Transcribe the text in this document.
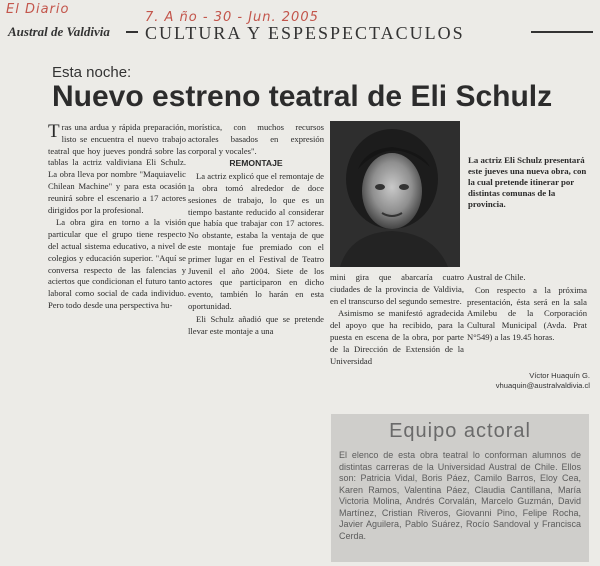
El Diario
7. A ño - 30 - Jun. 2005
Austral de Valdivia CULTURA Y ESPESPECTACULOS
Esta noche:
Nuevo estreno teatral de Eli Schulz

Tras una ardua y rápida preparación, listo se encuentra el nuevo trabajo teatral que hoy jueves pondrá sobre las tablas la actriz valdiviana Eli Schulz. La obra lleva por nombre "Maquiavelic Chilean Machine" y para esta ocasión reunirá sobre el escenario a 17 actores dirigidos por la profesional.

La obra gira en torno a la visión particular que el grupo tiene respecto del actual sistema educativo, a nivel de colegios y educación superior. "Aquí se conversa respecto de las falencias y aciertos que condicionan el futuro tanto laboral como social de cada individuo. Pero todo desde una perspectiva hu-

morística, con muchos recursos actorales basados en expresión corporal y vocales".

REMONTAJE

La actriz explicó que el remontaje de la obra tomó alrededor de doce sesiones de trabajo, lo que es un tiempo bastante reducido al considerar que había que trabajar con 17 actores. No obstante, estaba la ventaja de que este montaje fue premiado con el primer lugar en el Festival de Teatro Juvenil el año 2004. Siete de los actores que participaron en dicho evento, también lo harán en esta oportunidad.

Eli Schulz añadió que se pretende llevar este montaje a una

La actriz Eli Schulz presentará este jueves una nueva obra, con la cual pretende itinerar por distintas comunas de la provincia.

mini gira que abarcaría cuatro ciudades de la provincia de Valdivia, en el transcurso del segundo semestre.

Asimismo se manifestó agradecida del apoyo que ha recibido, para la puesta en escena de la obra, por parte de la Dirección de Extensión de la Universidad

Austral de Chile.

Con respecto a la próxima presentación, ésta será en la sala Amilebu de la Corporación Cultural Municipal (Avda. Prat N°549) a las 19.45 horas.

Víctor Huaquín G.
vhuaquin@australvaldivia.cl
Equipo actoral
El elenco de esta obra teatral lo conforman alumnos de distintas carreras de la Universidad Austral de Chile. Ellos son: Patricia Vidal, Boris Páez, Camilo Barros, Eloy Cea, Karen Ramos, Valentina Páez, Claudia Cantillana, María Victoria Molina, Andrés Corvalán, Marcelo Guzmán, David Martínez, Cristian Riveros, Giovanni Pino, Felipe Rocha, Javier Aguilera, Pablo Suárez, Rocío Sandoval y Francisca Cerda.
